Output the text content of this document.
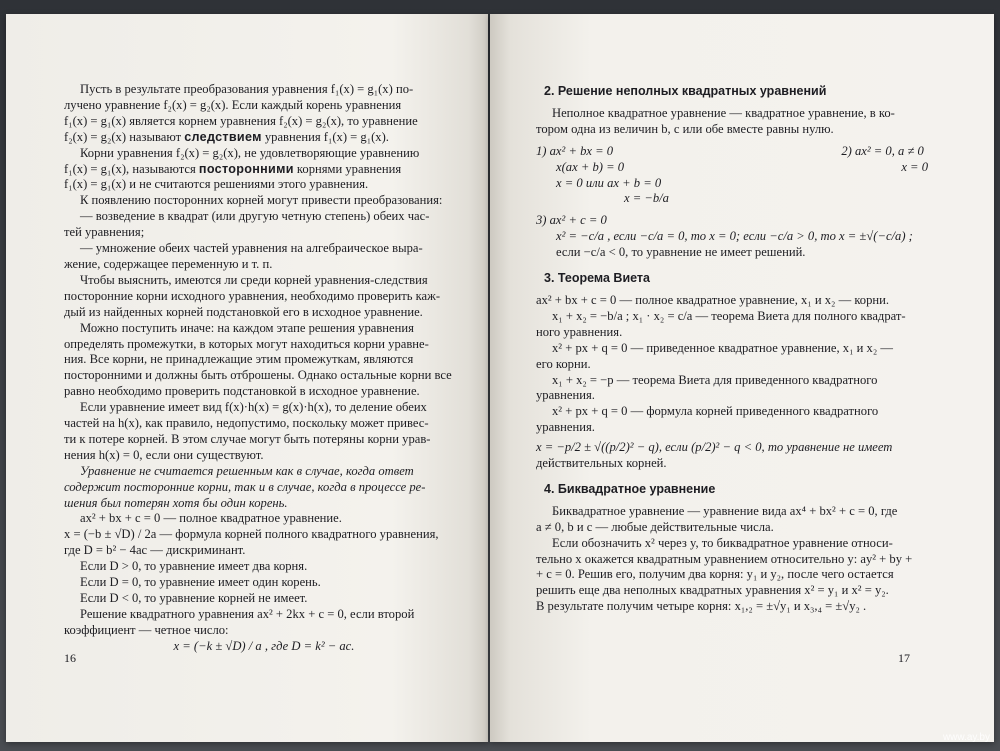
Пусть в результате преобразования уравнения f₁(x) = g₁(x) по-

лучено уравнение f₂(x) = g₂(x). Если каждый корень уравнения

f₁(x) = g₁(x) является корнем уравнения f₂(x) = g₂(x), то уравнение

f₂(x) = g₂(x) называют следствием уравнения f₁(x) = g₁(x).

Корни уравнения f₂(x) = g₂(x), не удовлетворяющие уравнению

f₁(x) = g₁(x), называются посторонними корнями уравнения

f₁(x) = g₁(x) и не считаются решениями этого уравнения.

К появлению посторонних корней могут привести преобразования:

— возведение в квадрат (или другую четную степень) обеих час-

тей уравнения;

— умножение обеих частей уравнения на алгебраическое выра-

жение, содержащее переменную и т. п.

Чтобы выяснить, имеются ли среди корней уравнения-следствия

посторонние корни исходного уравнения, необходимо проверить каж-

дый из найденных корней подстановкой его в исходное уравнение.

Можно поступить иначе: на каждом этапе решения уравнения

определять промежутки, в которых могут находиться корни уравне-

ния. Все корни, не принадлежащие этим промежуткам, являются

посторонними и должны быть отброшены. Однако остальные корни все

равно необходимо проверить подстановкой в исходное уравнение.

Если уравнение имеет вид f(x)·h(x) = g(x)·h(x), то деление обеих

частей на h(x), как правило, недопустимо, поскольку может привес-

ти к потере корней. В этом случае могут быть потеряны корни урав-

нения h(x) = 0, если они существуют.

Уравнение не считается решенным как в случае, когда ответ

содержит посторонние корни, так и в случае, когда в процессе ре-

шения был потерян хотя бы один корень.

ax² + bx + c = 0 — полное квадратное уравнение.

x = (−b ± √D) / 2a — формула корней полного квадратного уравнения,

где D = b² − 4ac — дискриминант.

Если D > 0, то уравнение имеет два корня.

Если D = 0, то уравнение имеет один корень.

Если D < 0, то уравнение корней не имеет.

Решение квадратного уравнения ax² + 2kx + c = 0, если второй

коэффициент — четное число:

x = (−k ± √D) / a , где D = k² − ac.

16
2. Решение неполных квадратных уравнений

Неполное квадратное уравнение — квадратное уравнение, в ко-

тором одна из величин b, c или обе вместе равны нулю.

1) ax² + bx = 0

x(ax + b) = 0

x = 0 или ax + b = 0

x = −b/a

2) ax² = 0, a ≠ 0

x = 0

3) ax² + c = 0

x² = −c/a , если −c/a = 0, то x = 0; если −c/a > 0, то x = ±√(−c/a) ;

если −c/a < 0, то уравнение не имеет решений.

3. Теорема Виета

ax² + bx + c = 0 — полное квадратное уравнение, x₁ и x₂ — корни.

x₁ + x₂ = −b/a ; x₁ · x₂ = c/a — теорема Виета для полного квадрат-

ного уравнения.

x² + px + q = 0 — приведенное квадратное уравнение, x₁ и x₂ —

его корни.

x₁ + x₂ = −p — теорема Виета для приведенного квадратного

уравнения.

x² + px + q = 0 — формула корней приведенного квадратного

уравнения.

x = −p/2 ± √((p/2)² − q), если (p/2)² − q < 0, то уравнение не имеет

действительных корней.

4. Биквадратное уравнение

Биквадратное уравнение — уравнение вида ax⁴ + bx² + c = 0, где

a ≠ 0, b и c — любые действительные числа.

Если обозначить x² через y, то биквадратное уравнение относи-

тельно x окажется квадратным уравнением относительно y: ay² + by +

+ c = 0. Решив его, получим два корня: y₁ и y₂, после чего остается

решить еще два неполных квадратных уравнения x² = y₁ и x² = y₂.

В результате получим четыре корня: x₁,₂ = ±√y₁ и x₃,₄ = ±√y₂ .

17
www.ay.by
